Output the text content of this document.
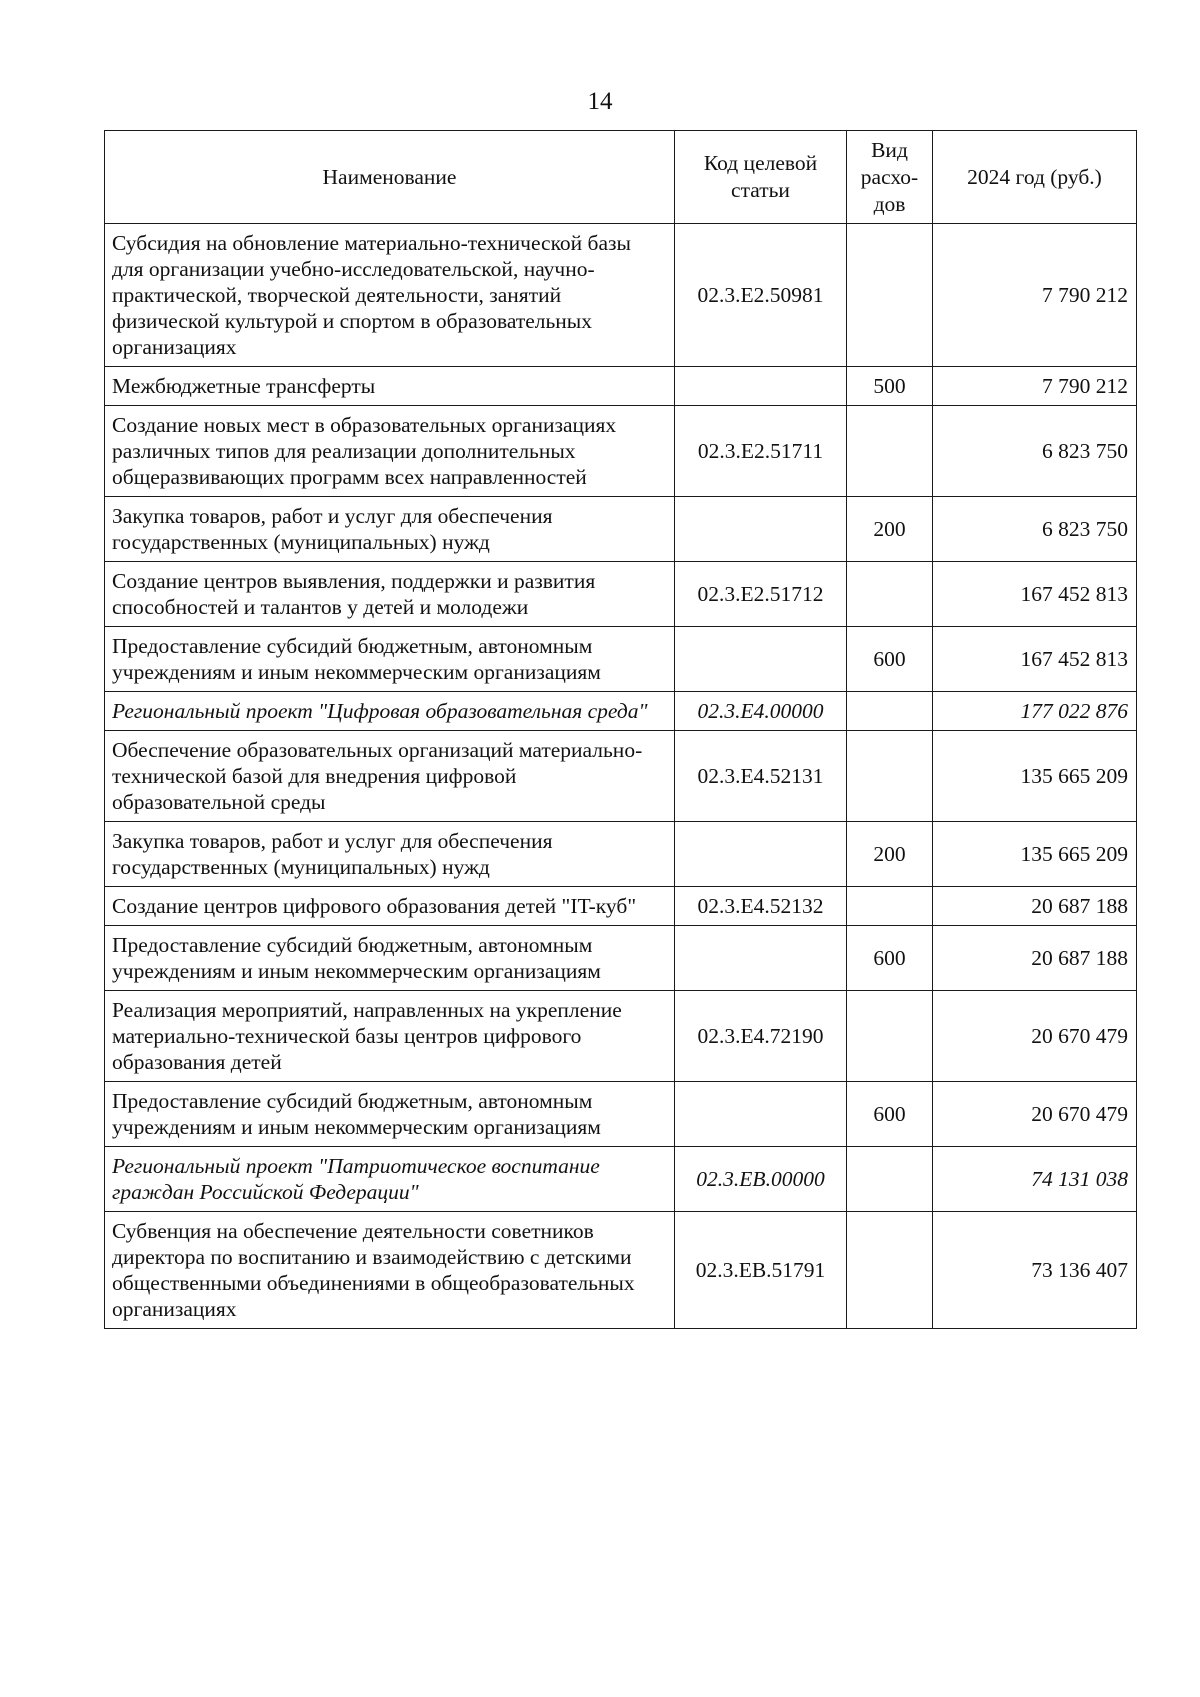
14
Наименование	Код целевой статьи	Вид расхо-дов	2024 год (руб.)
Субсидия на обновление материально-технической базы для организации учебно-исследовательской, научно-практической, творческой деятельности, занятий физической культурой и спортом в образовательных организациях	02.3.Е2.50981		7 790 212
Межбюджетные трансферты		500	7 790 212
Создание новых мест в образовательных организациях различных типов для реализации дополнительных общеразвивающих программ всех направленностей	02.3.Е2.51711		6 823 750
Закупка товаров, работ и услуг для обеспечения государственных (муниципальных) нужд		200	6 823 750
Создание центров выявления, поддержки и развития способностей и талантов у детей и молодежи	02.3.Е2.51712		167 452 813
Предоставление субсидий бюджетным, автономным учреждениям и иным некоммерческим организациям		600	167 452 813
Региональный проект "Цифровая образовательная среда"	02.3.Е4.00000		177 022 876
Обеспечение образовательных организаций материально-технической базой для внедрения цифровой образовательной среды	02.3.Е4.52131		135 665 209
Закупка товаров, работ и услуг для обеспечения государственных (муниципальных) нужд		200	135 665 209
Создание центров цифрового образования детей "IT-куб"	02.3.Е4.52132		20 687 188
Предоставление субсидий бюджетным, автономным учреждениям и иным некоммерческим организациям		600	20 687 188
Реализация мероприятий, направленных на укрепление материально-технической базы центров цифрового образования детей	02.3.Е4.72190		20 670 479
Предоставление субсидий бюджетным, автономным учреждениям и иным некоммерческим организациям		600	20 670 479
Региональный проект "Патриотическое воспитание граждан Российской Федерации"	02.3.ЕВ.00000		74 131 038
Субвенция на обеспечение деятельности советников директора по воспитанию и взаимодействию с детскими общественными объединениями в общеобразовательных организациях	02.3.ЕВ.51791		73 136 407
